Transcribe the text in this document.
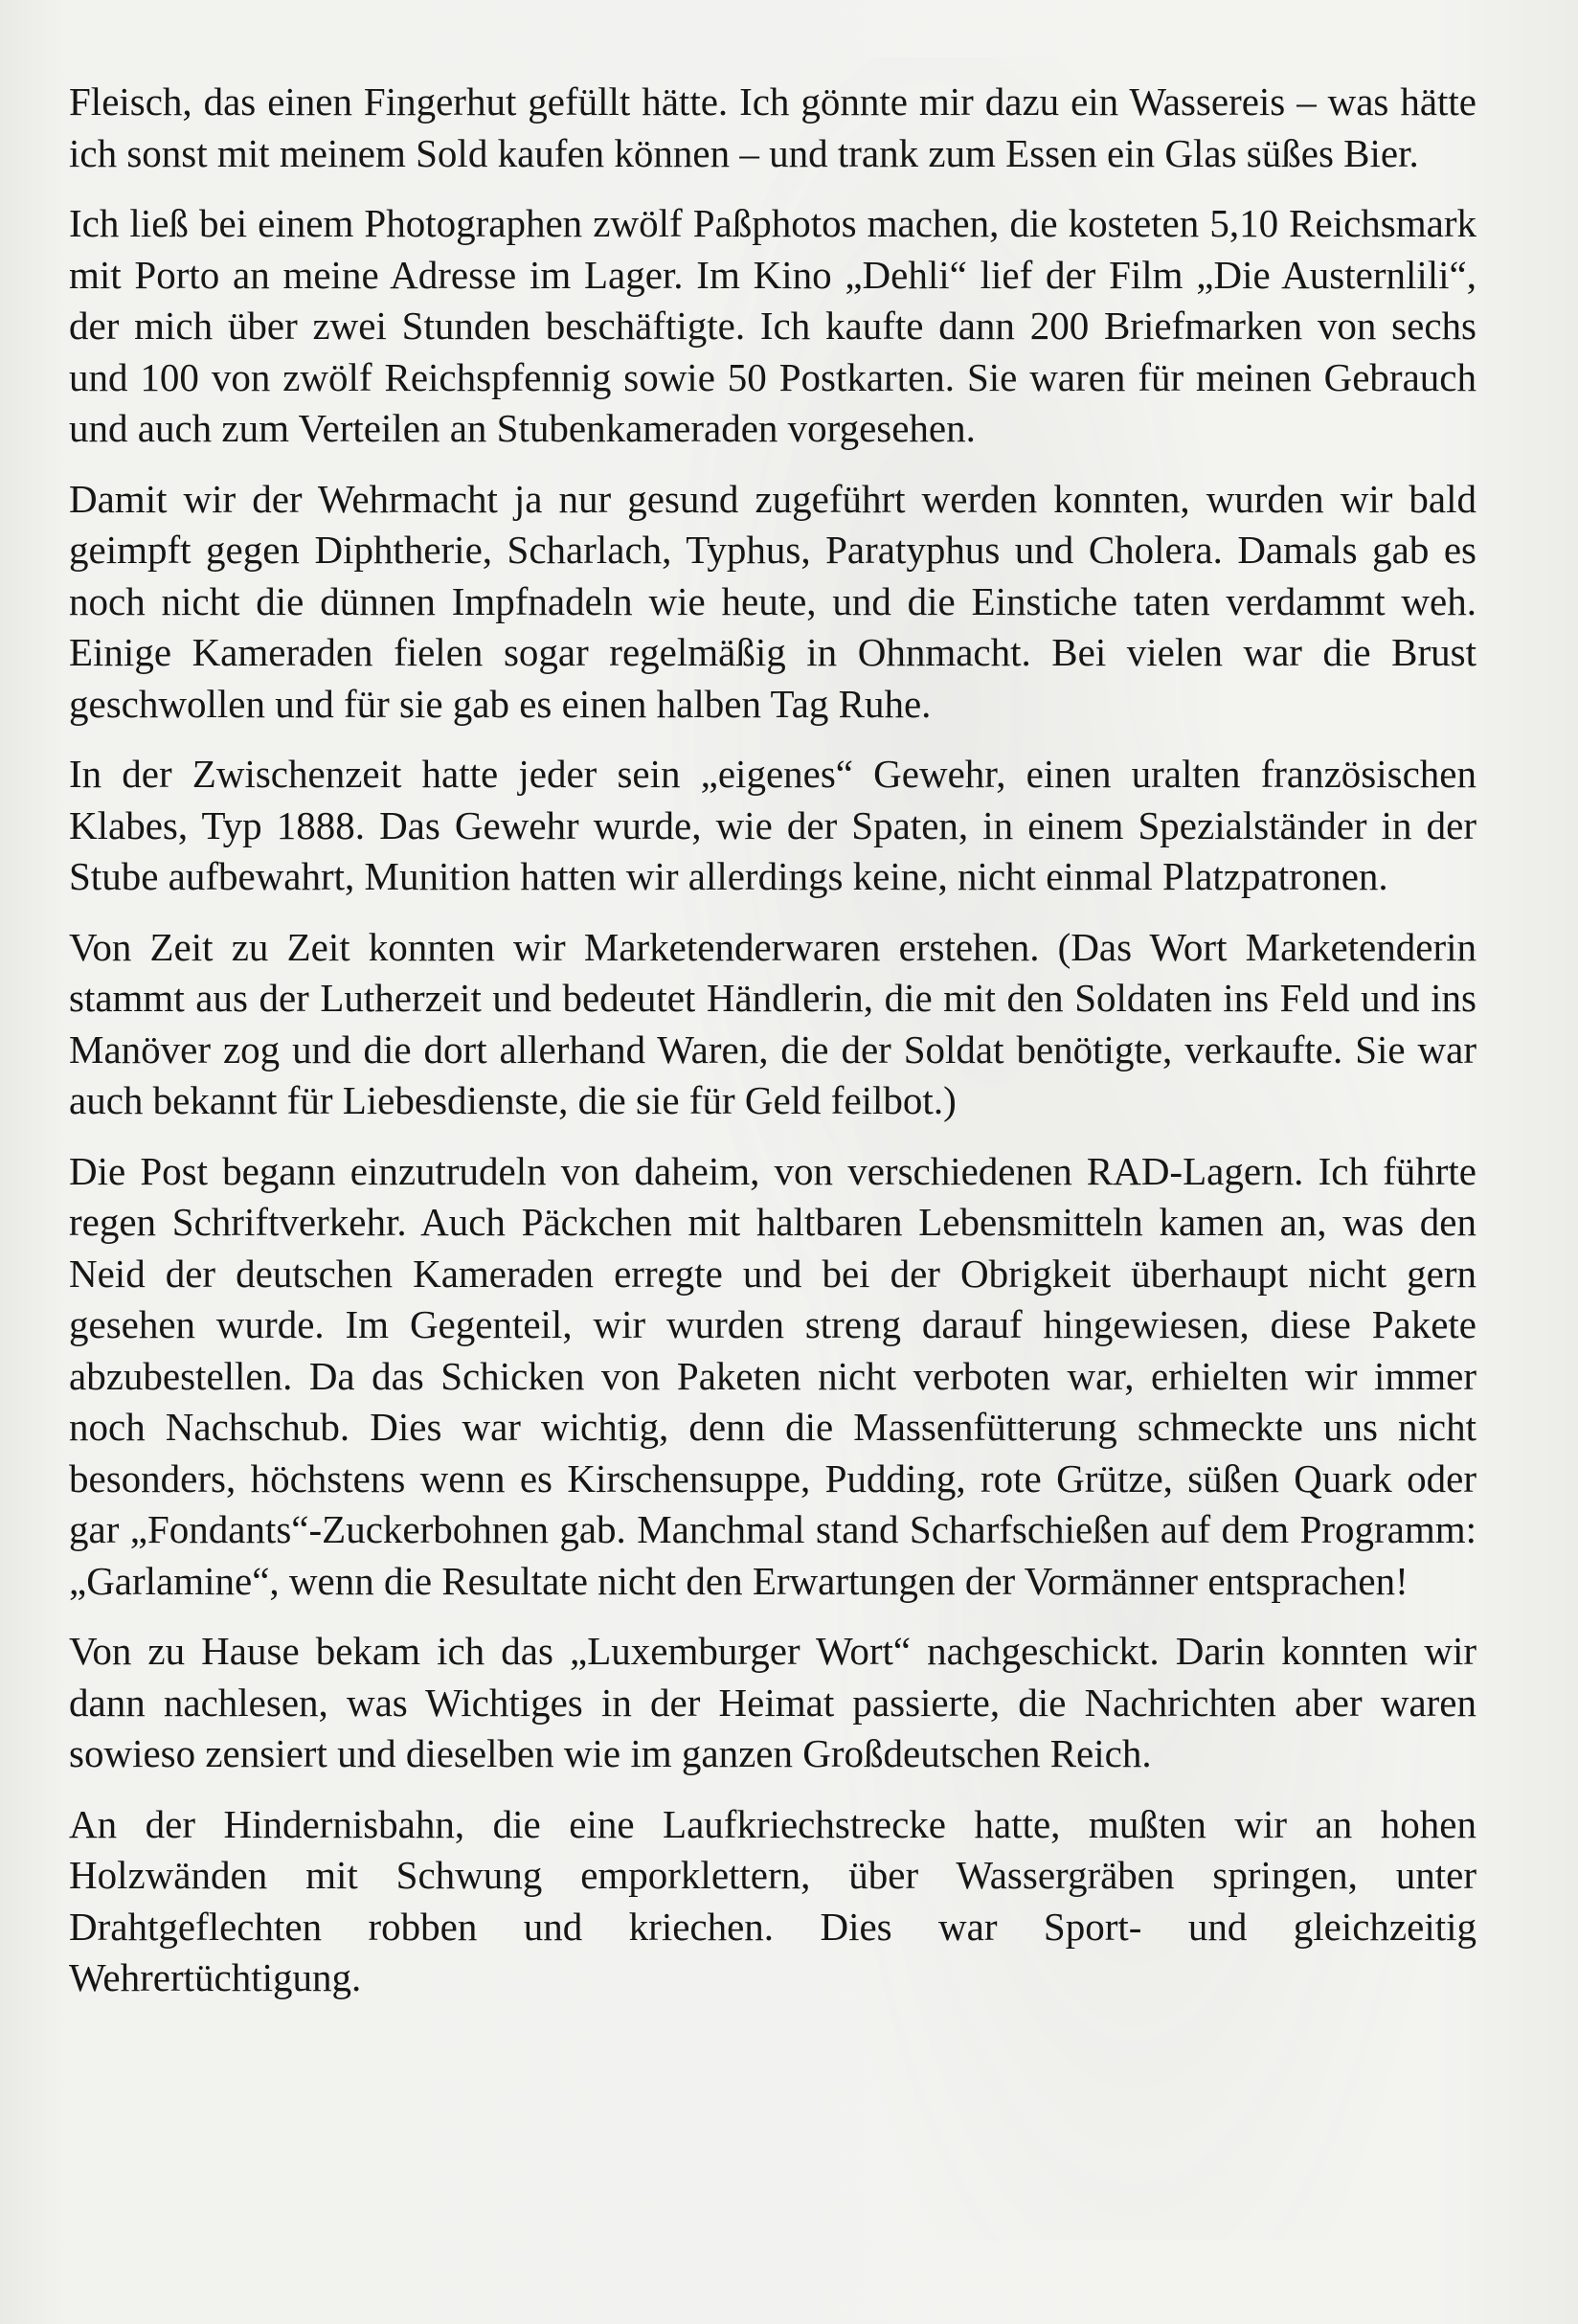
Fleisch, das einen Fingerhut gefüllt hätte. Ich gönnte mir dazu ein Wassereis – was hätte ich sonst mit meinem Sold kaufen können – und trank zum Essen ein Glas süßes Bier.

Ich ließ bei einem Photographen zwölf Paßphotos machen, die kosteten 5,10 Reichsmark mit Porto an meine Adresse im Lager. Im Kino „Dehli“ lief der Film „Die Austernlili“, der mich über zwei Stunden beschäftigte. Ich kaufte dann 200 Briefmarken von sechs und 100 von zwölf Reichspfennig sowie 50 Postkarten. Sie waren für meinen Gebrauch und auch zum Verteilen an Stubenkameraden vorgesehen.

Damit wir der Wehrmacht ja nur gesund zugeführt werden konnten, wurden wir bald geimpft gegen Diphtherie, Scharlach, Typhus, Paratyphus und Cholera. Damals gab es noch nicht die dünnen Impfnadeln wie heute, und die Einstiche taten verdammt weh. Einige Kameraden fielen sogar regelmäßig in Ohnmacht. Bei vielen war die Brust geschwollen und für sie gab es einen halben Tag Ruhe.

In der Zwischenzeit hatte jeder sein „eigenes“ Gewehr, einen uralten französischen Klabes, Typ 1888. Das Gewehr wurde, wie der Spaten, in einem Spezialständer in der Stube aufbewahrt, Munition hatten wir allerdings keine, nicht einmal Platzpatronen.

Von Zeit zu Zeit konnten wir Marketenderwaren erstehen. (Das Wort Marketenderin stammt aus der Lutherzeit und bedeutet Händlerin, die mit den Soldaten ins Feld und ins Manöver zog und die dort allerhand Waren, die der Soldat benötigte, verkaufte. Sie war auch bekannt für Liebesdienste, die sie für Geld feilbot.)

Die Post begann einzutrudeln von daheim, von verschiedenen RAD-Lagern. Ich führte regen Schriftverkehr. Auch Päckchen mit haltbaren Lebensmitteln kamen an, was den Neid der deutschen Kameraden erregte und bei der Obrigkeit überhaupt nicht gern gesehen wurde. Im Gegenteil, wir wurden streng darauf hingewiesen, diese Pakete abzubestellen. Da das Schicken von Paketen nicht verboten war, erhielten wir immer noch Nachschub. Dies war wichtig, denn die Massenfütterung schmeckte uns nicht besonders, höchstens wenn es Kirschensuppe, Pudding, rote Grütze, süßen Quark oder gar „Fondants“-Zuckerbohnen gab. Manchmal stand Scharfschießen auf dem Programm: „Garlamine“, wenn die Resultate nicht den Erwartungen der Vormänner entsprachen!

Von zu Hause bekam ich das „Luxemburger Wort“ nachgeschickt. Darin konnten wir dann nachlesen, was Wichtiges in der Heimat passierte, die Nachrichten aber waren sowieso zensiert und dieselben wie im ganzen Großdeutschen Reich.

An der Hindernisbahn, die eine Laufkriechstrecke hatte, mußten wir an hohen Holzwänden mit Schwung emporklettern, über Wassergräben springen, unter Drahtgeflechten robben und kriechen. Dies war Sport- und gleichzeitig Wehrertüchtigung.
